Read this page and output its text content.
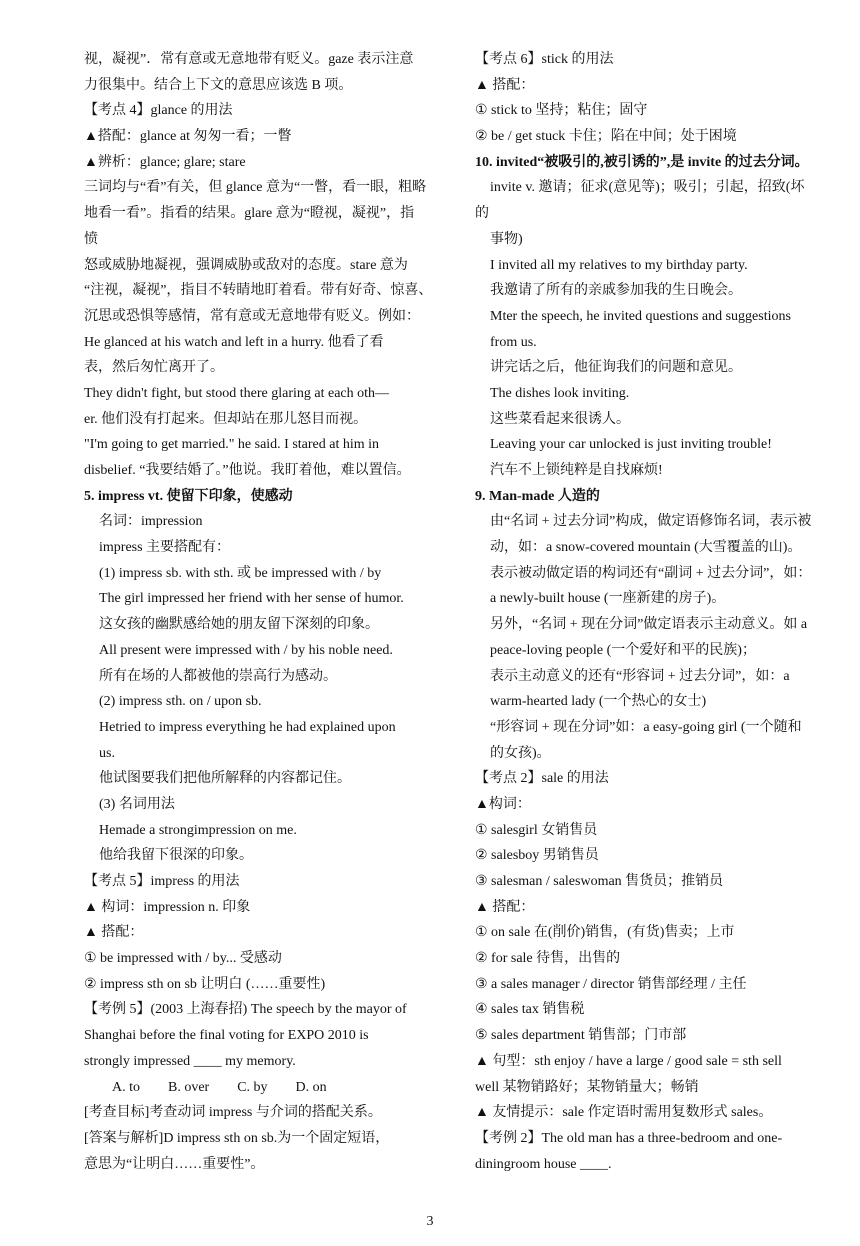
视，凝视”．常有意或无意地带有贬义。gaze 表示注意
力很集中。结合上下文的意思应该选 B 项。
【考点 4】glance 的用法
▲搭配：glance at 匆匆一看；一瞥
▲辨析：glance; glare; stare
三词均与“看”有关，但 glance 意为“一瞥，看一眼，粗略
地看一看”。指看的结果。glare 意为“瞪视，凝视”，指
愤
怒或威胁地凝视，强调威胁或敌对的态度。stare 意为
“注视，凝视”，指目不转睛地盯着看。带有好奇、惊喜、
沉思或恐惧等感情，常有意或无意地带有贬义。例如：
He glanced at his watch and left in a hurry. 他看了看
表，然后匆忙离开了。
They didn't fight, but stood there glaring at each oth—
er. 他们没有打起来。但却站在那儿怒目而视。
"I'm going to get married." he said. I stared at him in
disbelief. “我要结婚了。”他说。我盯着他，难以置信。
5. impress vt. 使留下印象，使感动
名词：impression
impress 主要搭配有：
(1) impress sb. with sth. 或 be impressed with / by
The girl impressed her friend with her sense of humor.
这女孩的幽默感给她的朋友留下深刻的印象。
All present were impressed with / by his noble need.
所有在场的人都被他的崇高行为感动。
(2) impress sth. on / upon sb.
Hetried to impress everything he had explained upon
us.
他试图要我们把他所解释的内容都记住。
(3) 名词用法
Hemade a strongimpression on me.
他给我留下很深的印象。
【考点 5】impress 的用法
▲ 构词：impression n. 印象
▲ 搭配：
① be impressed with / by... 受感动
② impress sth on sb 让明白 (……重要性)
【考例 5】(2003 上海春招) The speech by the mayor of
Shanghai before the final voting for EXPO 2010 is
strongly impressed ____ my memory.
A. to        B. over        C. by        D. on
[考查目标]考查动词 impress 与介词的搭配关系。
[答案与解析]D impress sth on sb.为一个固定短语，
意思为“让明白……重要性”。
【考点 6】stick 的用法
▲ 搭配：
① stick to 坚持；粘住；固守
② be / get stuck 卡住；陷在中间；处于困境
10. invited“被吸引的,被引诱的”,是 invite 的过去分词。
invite v. 邀请；征求(意见等)；吸引；引起，招致(坏
的
事物)
I invited all my relatives to my birthday party.
我邀请了所有的亲戚参加我的生日晚会。
Mter the speech, he invited questions and suggestions
from us.
讲完话之后，他征询我们的问题和意见。
The dishes look inviting.
这些菜看起来很诱人。
Leaving your car unlocked is just inviting trouble!
汽车不上锁纯粹是自找麻烦!
9. Man-made 人造的
由“名词 + 过去分词”构成，做定语修饰名词，表示被
动，如：a snow-covered mountain (大雪覆盖的山)。
表示被动做定语的构词还有“副词 + 过去分词”，如：
a newly-built house (一座新建的房子)。
另外，“名词 + 现在分词”做定语表示主动意义。如 a
peace-loving people (一个爱好和平的民族)；
表示主动意义的还有“形容词 + 过去分词”，如：a
warm-hearted lady (一个热心的女士)
“形容词 + 现在分词”如：a easy-going girl (一个随和
的女孩)。
【考点 2】sale 的用法
▲构词：
① salesgirl 女销售员
② salesboy 男销售员
③ salesman / saleswoman 售货员；推销员
▲ 搭配：
① on sale 在(削价)销售，(有货)售卖；上市
② for sale 待售，出售的
③ a sales manager / director 销售部经理 / 主任
④ sales tax 销售税
⑤ sales department 销售部；门市部
▲ 句型：sth enjoy / have a large / good sale = sth sell
well 某物销路好；某物销量大；畅销
▲ 友情提示：sale 作定语时需用复数形式 sales。
【考例 2】The old man has a three-bedroom and one-
diningroom house ____.
3
